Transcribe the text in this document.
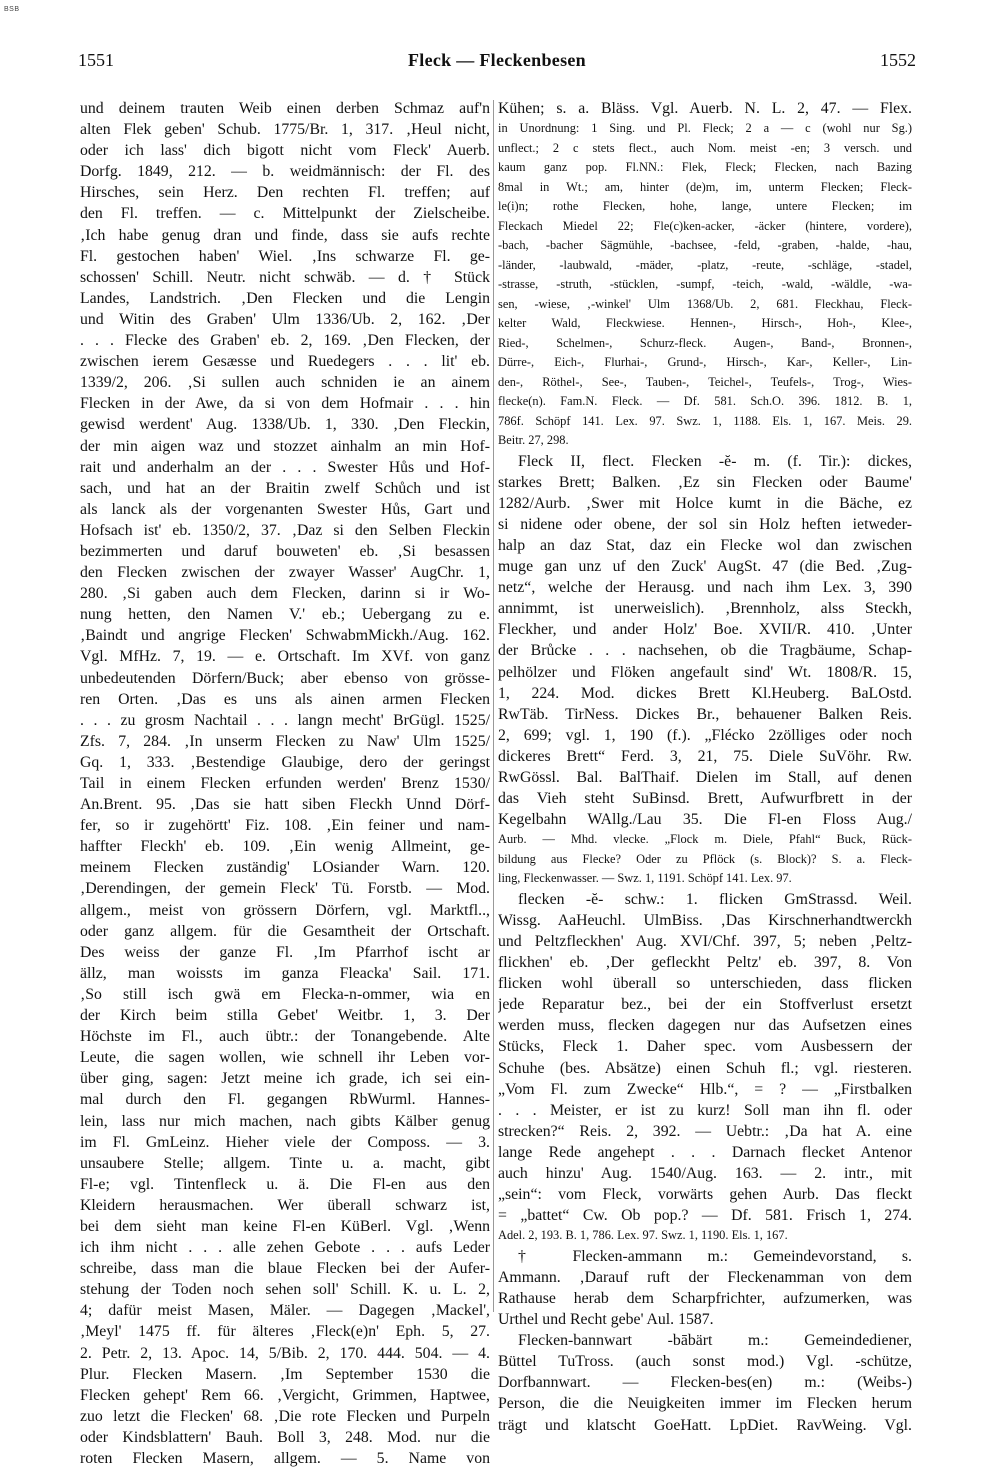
BSB
1551	Fleck — Fleckenbesen	1552
und deinem trauten Weib einen derben Schmaz auf'n
alten Flek geben' Schub. 1775/Br. 1, 317. ‚Heul nicht,
oder ich lass' dich bigott nicht vom Fleck' Auerb.
Dorfg. 1849, 212. — b. weidmännisch: der Fl. des
Hirsches, sein Herz. Den rechten Fl. treffen; auf
den Fl. treffen. — c. Mittelpunkt der Zielscheibe.
‚Ich habe genug dran und finde, dass sie aufs rechte
Fl. gestochen haben' Wiel. ‚Ins schwarze Fl. ge-
schossen' Schill. Neutr. nicht schwäb. — d. † Stück
Landes, Landstrich. ‚Den Flecken und die Lengin
und Witin des Graben' Ulm 1336/Ub. 2, 162. ‚Der
. . . Flecke des Graben' eb. 2, 169. ‚Den Flecken, der
zwischen ierem Gesæsse und Ruedegers . . . lit' eb.
1339/2, 206. ‚Si sullen auch schniden ie an ainem
Flecken in der Awe, da si von dem Hofmair . . . hin
gewisd werdent' Aug. 1338/Ub. 1, 330. ‚Den Fleckin,
der min aigen waz und stozzet ainhalm an min Hof-
rait und anderhalm an der . . . Swester Hůs und Hof-
sach, und hat an der Braitin zwelf Schůch und ist
als lanck als der vorgenanten Swester Hůs, Gart und
Hofsach ist' eb. 1350/2, 37. ‚Daz si den Selben Fleckin
bezimmerten und daruf bouweten' eb. ‚Si besassen
den Flecken zwischen der zwayer Wasser' AugChr. 1,
280. ‚Si gaben auch dem Flecken, darinn si ir Wo-
nung hetten, den Namen V.' eb.; Uebergang zu e.
‚Baindt und angrige Flecken' SchwabmMickh./Aug. 162.
Vgl. MfHz. 7, 19. — e. Ortschaft. Im XVf. von ganz
unbedeutenden Dörfern/Buck; aber ebenso von grösse-
ren Orten. ‚Das es uns als ainen armen Flecken
. . . zu grosm Nachtail . . . langn mecht' BrGügl. 1525/
Zfs. 7, 284. ‚In unserm Flecken zu Naw' Ulm 1525/
Gq. 1, 333. ‚Bestendige Glaubige, dero der geringst
Tail in einem Flecken erfunden werden' Brenz 1530/
An.Brent. 95. ‚Das sie hatt siben Fleckh Unnd Dörf-
fer, so ir zugehörtt' Fiz. 108. ‚Ein feiner und nam-
haffter Fleckh' eb. 109. ‚Ein wenig Allmeint, ge-
meinem Flecken zuständig' LOsiander Warn. 120.
‚Derendingen, der gemein Fleck' Tü. Forstb. — Mod.
allgem., meist von grössern Dörfern, vgl. Marktfl..,
oder ganz allgem. für die Gesamtheit der Ortschaft.
Des weiss der ganze Fl. ‚Im Pfarrhof ischt ar
ällz, man woissts im ganza Fleacka' Sail. 171.
‚So still isch gwä em Flecka-n-ommer, wia en
der Kirch beim stilla Gebet' Weitbr. 1, 3. Der
Höchste im Fl., auch übtr.: der Tonangebende. Alte
Leute, die sagen wollen, wie schnell ihr Leben vor-
über ging, sagen: Jetzt meine ich grade, ich sei ein-
mal durch den Fl. gegangen RbWurml. Hannes-
lein, lass nur mich machen, nach gibts Kälber genug
im Fl. GmLeinz. Hieher viele der Composs. — 3.
unsaubere Stelle; allgem. Tinte u. a. macht, gibt
Fl-e; vgl. Tintenfleck u. ä. Die Fl-en aus den
Kleidern herausmachen. Wer überall schwarz ist,
bei dem sieht man keine Fl-en KüBerl. Vgl. ‚Wenn
ich ihm nicht . . . alle zehen Gebote . . . aufs Leder
schreibe, dass man die blaue Flecken bei der Aufer-
stehung der Toden noch sehen soll' Schill. K. u. L. 2,
4; dafür meist Masen, Mäler. — Dagegen ‚Mackel',
‚Meyl' 1475 ff. für älteres ‚Fleck(e)n' Eph. 5, 27.
2. Petr. 2, 13. Apoc. 14, 5/Bib. 2, 170. 444. 504. — 4.
Plur. Flecken Masern. ‚Im September 1530 die
Flecken gehept' Rem 66. ‚Vergicht, Grimmen, Haptwee,
zuo letzt die Flecken' 68. ‚Die rote Flecken und Purpeln
oder Kindsblattern' Bauh. Boll 3, 248. Mod. nur die
roten Flecken Masern, allgem. — 5. Name von
Kühen; s. a. Bläss. Vgl. Auerb. N. L. 2, 47. — Flex.
in Unordnung: 1 Sing. und Pl. Fleck; 2 a — c (wohl nur Sg.)
unflect.; 2 c stets flect., auch Nom. meist -en; 3 versch. und
kaum ganz pop. Fl.NN.: Flek, Fleck; Flecken, nach Bazing
8mal in Wt.; am, hinter (de)m, im, unterm Flecken; Fleck-
le(i)n; rothe Flecken, hohe, lange, untere Flecken; im
Fleckach Miedel 22; Fle(c)ken-acker, -äcker (hintere, vordere),
-bach, -bacher Sägmühle, -bachsee, -feld, -graben, -halde, -hau,
-länder, -laubwald, -mäder, -platz, -reute, -schläge, -stadel,
-strasse, -struth, -stücklen, -sumpf, -teich, -wald, -wäldle, -wa-
sen, -wiese, ‚-winkel' Ulm 1368/Ub. 2, 681. Fleckhau, Fleck-
kelter Wald, Fleckwiese. Hennen-, Hirsch-, Hoh-, Klee-,
Ried-, Schelmen-, Schurz-fleck. Augen-, Band-, Bronnen-,
Dürre-, Eich-, Flurhai-, Grund-, Hirsch-, Kar-, Keller-, Lin-
den-, Röthel-, See-, Tauben-, Teichel-, Teufels-, Trog-, Wies-
flecke(n). Fam.N. Fleck. — Df. 581. Sch.O. 396. 1812. B. 1,
786f. Schöpf 141. Lex. 97. Swz. 1, 1188. Els. 1, 167. Meis. 29.
Beitr. 27, 298.
Fleck II, flect. Flecken -ĕ- m. (f. Tir.): dickes,
starkes Brett; Balken. ‚Ez sin Flecken oder Baume'
1282/Aurb. ‚Swer mit Holce kumt in die Bäche, ez
si nidene oder obene, der sol sin Holz heften ietweder-
halp an daz Stat, daz ein Flecke wol dan zwischen
muge gan unz uf den Zuck' AugSt. 47 (die Bed. ‚Zug-
netz“, welche der Herausg. und nach ihm Lex. 3, 390
annimmt, ist unerweislich). ‚Brennholz, alss Steckh,
Fleckher, und ander Holz' Boe. XVII/R. 410. ‚Unter
der Brůcke . . . nachsehen, ob die Tragbäume, Schap-
pelhölzer und Flöken angefault sind' Wt. 1808/R. 15,
1, 224. Mod. dickes Brett Kl.Heuberg. BaLOstd.
RwTäb. TirNess. Dickes Br., behauener Balken Reis.
2, 699; vgl. 1, 190 (f.). „Flécko 2zölliges oder noch
dickeres Brett“ Ferd. 3, 21, 75. Diele SuVöhr. Rw.
RwGössl. Bal. BalThaif. Dielen im Stall, auf denen
das Vieh steht SuBinsd. Brett, Aufwurfbrett in der
Kegelbahn WAllg./Lau 35. Die Fl-en Floss Aug./
Aurb. — Mhd. vlecke. „Flock m. Diele, Pfahl“ Buck, Rück-
bildung aus Flecke? Oder zu Pflöck (s. Block)? S. a. Fleck-
ling, Fleckenwasser. — Swz. 1, 1191. Schöpf 141. Lex. 97.
flecken -ĕ- schw.: 1. flicken GmStrassd. Weil.
Wissg. AaHeuchl. UlmBiss. ‚Das Kirschnerhandtwerckh
und Peltzfleckhen' Aug. XVI/Chf. 397, 5; neben ‚Peltz-
flickhen' eb. ‚Der gefleckht Peltz' eb. 397, 8. Von
flicken wohl überall so unterschieden, dass flicken
jede Reparatur bez., bei der ein Stoffverlust ersetzt
werden muss, flecken dagegen nur das Aufsetzen eines
Stücks, Fleck 1. Daher spec. vom Ausbessern der
Schuhe (bes. Absätze) einen Schuh fl.; vgl. riesteren.
„Vom Fl. zum Zwecke“ Hlb.“, = ? — „Firstbalken
. . . Meister, er ist zu kurz! Soll man ihn fl. oder
strecken?“ Reis. 2, 392. — Uebtr.: ‚Da hat A. eine
lange Rede angehept . . . Darnach flecket Antenor
auch hinzu' Aug. 1540/Aug. 163. — 2. intr., mit
„sein“: vom Fleck, vorwärts gehen Aurb. Das fleckt
= „battet“ Cw. Ob pop.? — Df. 581. Frisch 1, 274.
Adel. 2, 193. B. 1, 786. Lex. 97. Swz. 1, 1190. Els. 1, 167.
† Flecken-ammann m.: Gemeindevorstand, s.
Ammann. ‚Darauf ruft der Fleckenamman von dem
Rathause herab dem Scharpfrichter, aufzumerken, was
Urthel und Recht gebe' Aul. 1587.
Flecken-bannwart -bābärt m.: Gemeindediener,
Büttel TuTross. (auch sonst mod.) Vgl. -schütze,
Dorfbannwart. — Flecken-bes(en) m.: (Weibs-)
Person, die die Neuigkeiten immer im Flecken herum
trägt und klatscht GoeHatt. LpDiet. RavWeing. Vgl.
